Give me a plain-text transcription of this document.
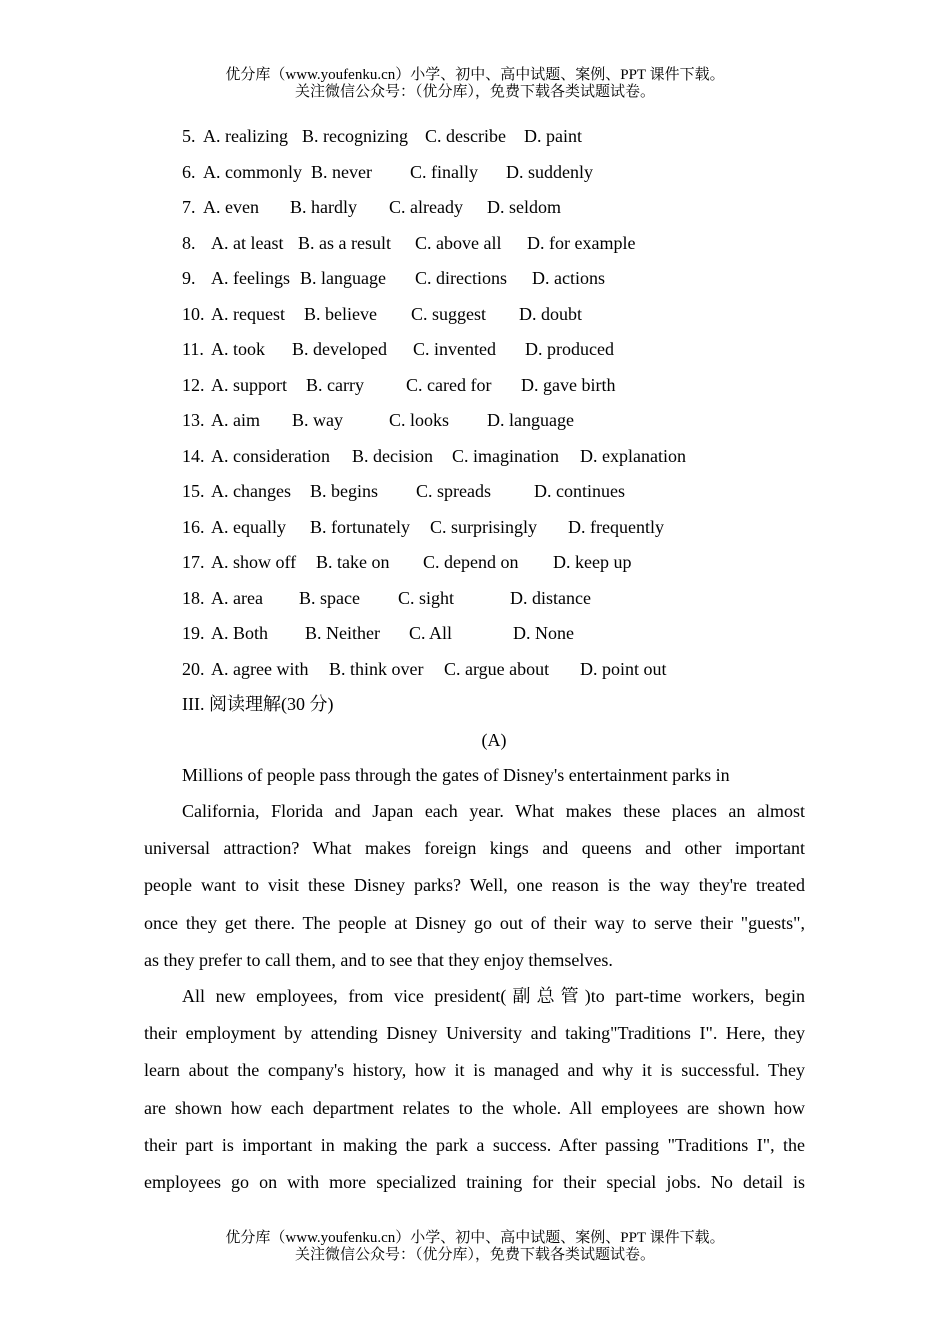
优分库（www.youfenku.cn）小学、初中、高中试题、案例、PPT 课件下载。
关注微信公众号：（优分库），免费下载各类试题试卷。
5. A. realizing B. recognizing C. describe D. paint
6. A. commonly B. never C. finally D. suddenly
7. A. even B. hardly C. already D. seldom
8. A. at least B. as a result C. above all D. for example
9. A. feelings B. language C. directions D. actions
10. A. request B. believe C. suggest D. doubt
11. A. took B. developed C. invented D. produced
12. A. support B. carry C. cared for D. gave birth
13. A. aim B. way	C. looks D. language
14. A. consideration B. decision C. imagination D. explanation
15. A. changes B. begins C. spreads D. continues
16. A. equally B. fortunately C. surprisingly D. frequently
17. A. show off B. take on C. depend on D. keep up
18. A. area B. space C. sight	D. distance
19. A. Both B. Neither C. All	D. None
20. A. agree with B. think over C. argue about D. point out
III. 阅读理解(30 分)
(A)
Millions of people pass through the gates of Disney's entertainment parks in
California, Florida and Japan each year. What makes these places an almost
universal attraction? What makes foreign kings and queens and other important
people want to visit these Disney parks? Well, one reason is the way they're treated
once they get there. The people at Disney go out of their way to serve their "guests",
as they prefer to call them, and to see that they enjoy themselves.
All new employees, from vice president(副总管)to part-time workers, begin
their employment by attending Disney University and taking"Traditions I". Here, they
learn about the company's history, how it is managed and why it is successful. They
are shown how each department relates to the whole. All employees are shown how
their part is important in making the park a success. After passing "Traditions I", the
employees go on with more specialized training for their special jobs. No detail is
优分库（www.youfenku.cn）小学、初中、高中试题、案例、PPT 课件下载。
关注微信公众号：（优分库），免费下载各类试题试卷。
